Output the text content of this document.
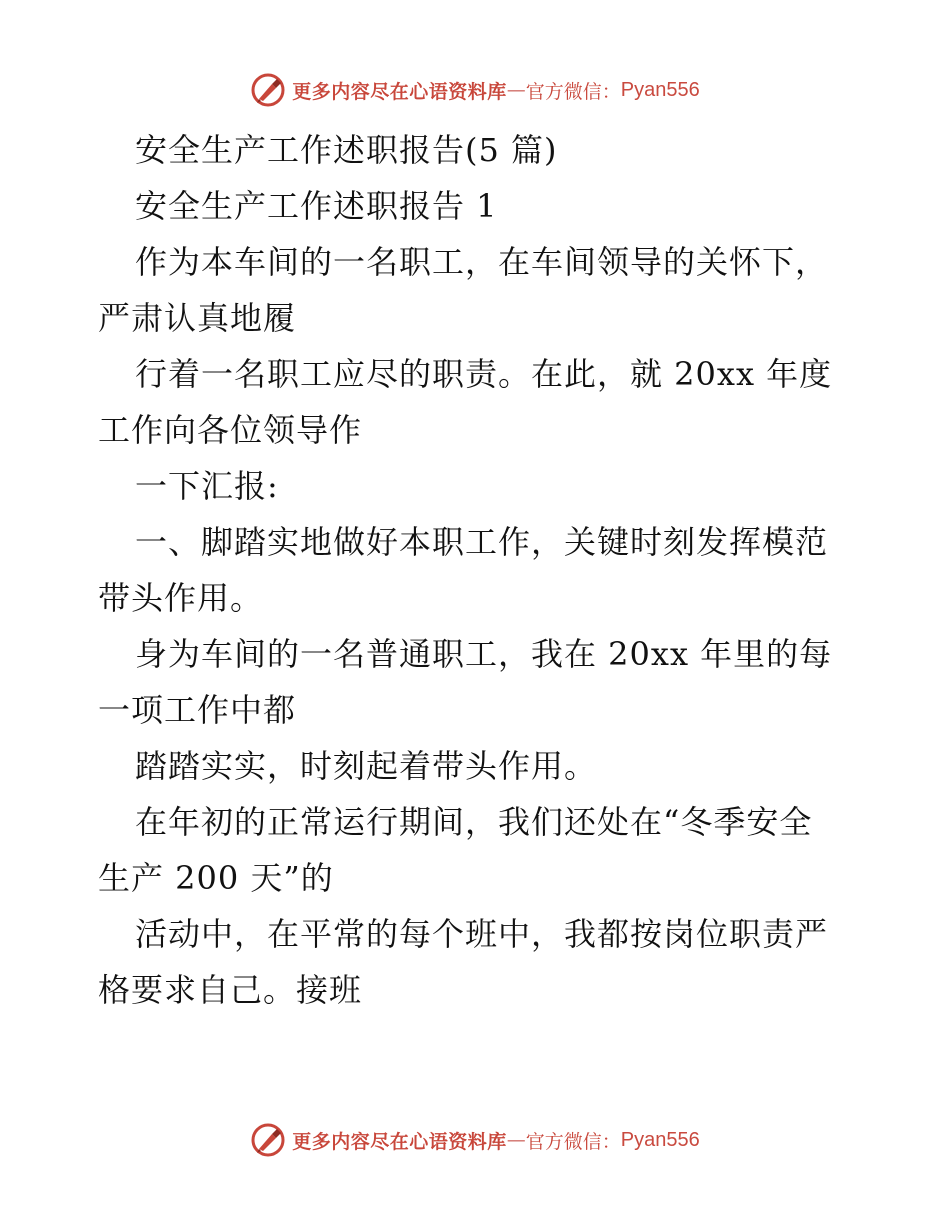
更多内容尽在心语资料库 — 官方微信： Pyan556
安全生产工作述职报告(5 篇)
安全生产工作述职报告 1
作为本车间的一名职工，在车间领导的关怀下，
严肃认真地履
行着一名职工应尽的职责。在此，就 20xx 年度
工作向各位领导作
一下汇报:
一、脚踏实地做好本职工作，关键时刻发挥模范
带头作用。
身为车间的一名普通职工，我在 20xx 年里的每
一项工作中都
踏踏实实，时刻起着带头作用。
在年初的正常运行期间，我们还处在“冬季安全
生产 200 天”的
活动中，在平常的每个班中，我都按岗位职责严
格要求自己。接班
更多内容尽在心语资料库 — 官方微信： Pyan556
